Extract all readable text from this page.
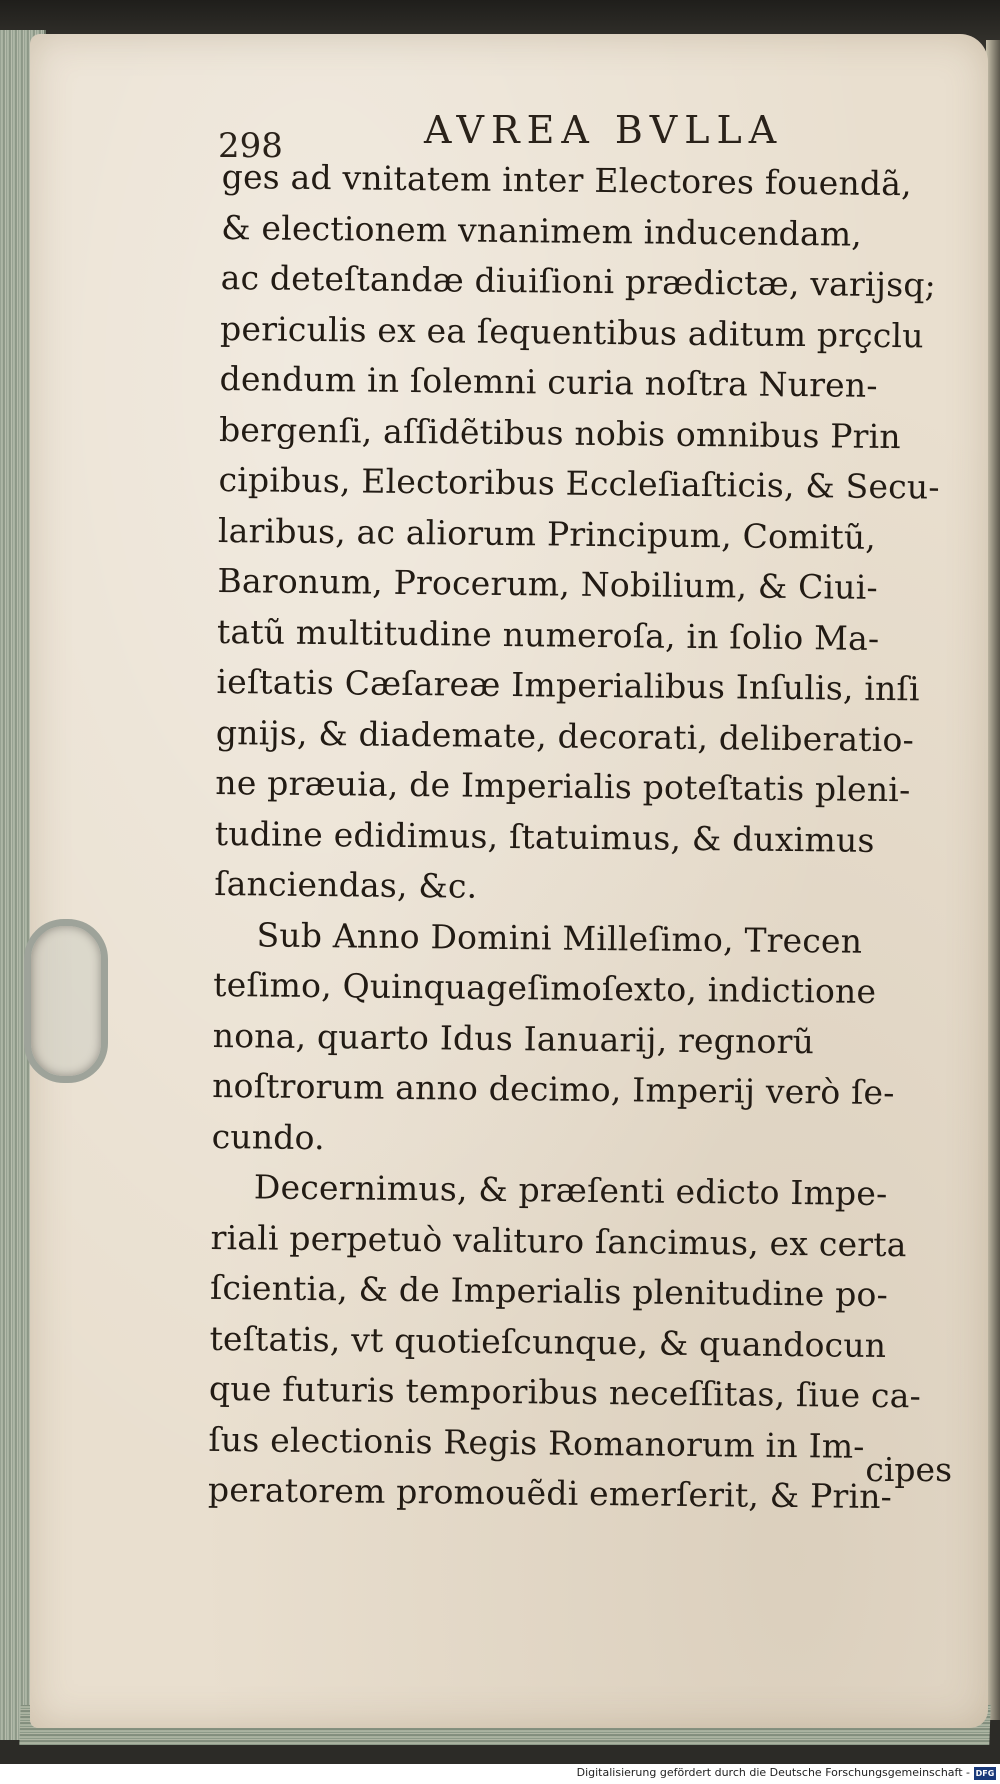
298	AVREA BVLLA
ges ad vnitatem inter Electores fouendã,
& electionem vnanimem inducendam,
ac deteſtandæ diuiſioni prædictæ, varijsq;
periculis ex ea ſequentibus aditum prçclu
dendum in ſolemni curia noſtra Nuren-
bergenſi, aſſidẽtibus nobis omnibus Prin
cipibus, Electoribus Eccleſiaſticis, & Secu-
laribus, ac aliorum Principum, Comitũ,
Baronum, Procerum, Nobilium, & Ciui-
tatũ multitudine numeroſa, in ſolio Ma-
ieſtatis Cæſareæ Imperialibus Inſulis, inſi
gnijs, & diademate, decorati, deliberatio-
ne præuia, de Imperialis poteſtatis pleni-
tudine edidimus, ſtatuimus, & duximus
ſanciendas, &c.
Sub Anno Domini Milleſimo, Trecen
teſimo, Quinquageſimoſexto, indictione
nona, quarto Idus Ianuarij, regnorũ
noſtrorum anno decimo, Imperij verò ſe-
cundo.
Decernimus, & præſenti edicto Impe-
riali perpetuò valituro ſancimus, ex certa
ſcientia, & de Imperialis plenitudine po-
teſtatis, vt quotieſcunque, & quandocun
que futuris temporibus neceſſitas, ſiue ca-
ſus electionis Regis Romanorum in Im-
peratorem promouẽdi emerſerit, & Prin-
cipes
Digitalisierung gefördert durch die Deutsche Forschungsgemeinschaft - DFG
